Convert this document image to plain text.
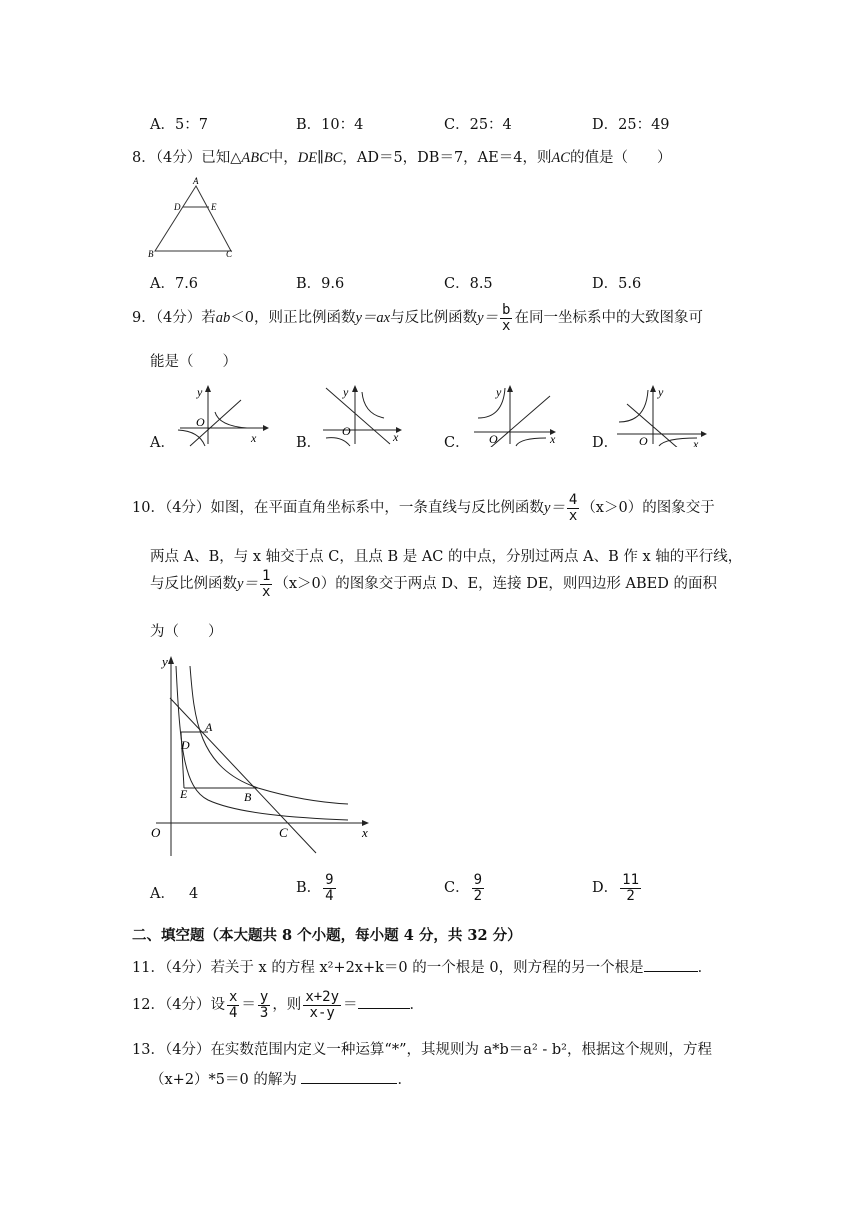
A．5：7	B．10：4	C．25：4	D．25：49
8．（4分）已知△ABC中，DE∥BC，AD＝5，DB＝7，AE＝4，则AC的值是（　　）
A
D	E
B	C
A．7.6	B．9.6	C．8.5	D．5.6
9．（4分）若ab＜0，则正比例函数y＝ax与反比例函数$y= \frac{b}{x}$ 在同一坐标系中的大致图象可
能是（　　）
y
O
x
y
O	x
y
O	x
y
O	x
A．	B．	C．	D．
10．（4分）如图，在平面直角坐标系中，一条直线与反比例函数$y= \frac{4}{x} (x>0)$的图象交于
两点 A、B，与 x 轴交于点 C，且点 B 是 AC 的中点，分别过两点 A、B 作 x 轴的平行线，
与反比例函数$y= \frac{1}{x} (x>0)$的图象交于两点 D、E，连接 DE，则四边形 ABED 的面积
为（　　）
y
A
D
E	B
O	C	x
A． 4	B． $\frac{9}{4}$	C． $\frac{9}{2}$	D． $\frac{11}{2}$
二、填空题（本大题共 8 个小题，每小题 4 分，共 32 分）
11．（4分）若关于 x 的方程 x²+2x+k＝0 的一个根是 0，则方程的另一个根是	．
12．（4分）设 $\frac{x}{4} = \frac{y}{3}$ ，则 $\frac{x+2y}{x-y}$ ＝	．
13．（4分）在实数范围内定义一种运算“*”，其规则为 a*b＝a² - b²，根据这个规则，方程
（x+2）*5＝0 的解为	．
